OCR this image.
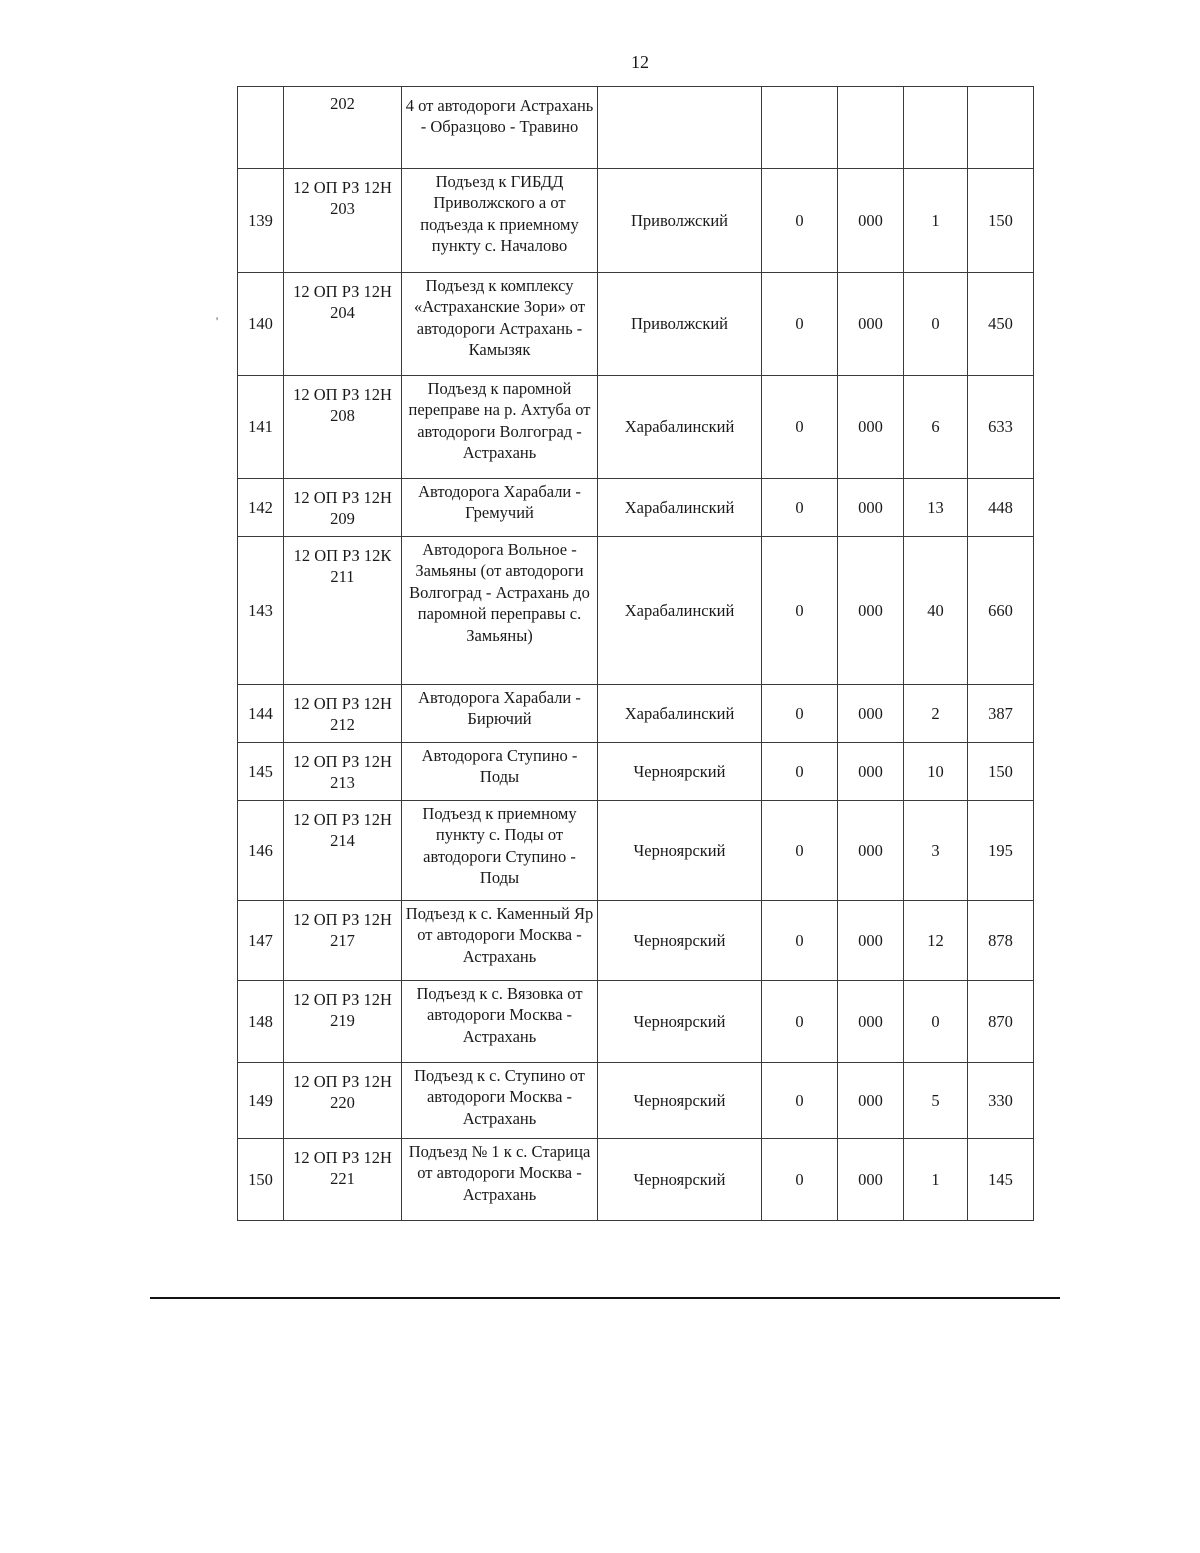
12
'
	202	4 от автодороги Астрахань - Образцово - Травино					
139	12 ОП РЗ 12Н 203	Подъезд к ГИБДД Приволжского а от подъезда к приемному пункту с. Началово	Приволжский	0	000	1	150
140	12 ОП РЗ 12Н 204	Подъезд к комплексу «Астраханские Зори» от автодороги Астрахань - Камызяк	Приволжский	0	000	0	450
141	12 ОП РЗ 12Н 208	Подъезд к паромной переправе на р. Ахтуба от автодороги Волгоград - Астрахань	Харабалинский	0	000	6	633
142	12 ОП РЗ 12Н 209	Автодорога Харабали - Гремучий	Харабалинский	0	000	13	448
143	12 ОП РЗ 12К 211	Автодорога Вольное - Замьяны (от автодороги Волгоград - Астрахань до паромной переправы с. Замьяны)	Харабалинский	0	000	40	660
144	12 ОП РЗ 12Н 212	Автодорога Харабали - Бирючий	Харабалинский	0	000	2	387
145	12 ОП РЗ 12Н 213	Автодорога Ступино - Поды	Черноярский	0	000	10	150
146	12 ОП РЗ 12Н 214	Подъезд к приемному пункту с. Поды от автодороги Ступино - Поды	Черноярский	0	000	3	195
147	12 ОП РЗ 12Н 217	Подъезд к с. Каменный Яр от автодороги Москва - Астрахань	Черноярский	0	000	12	878
148	12 ОП РЗ 12Н 219	Подъезд к с. Вязовка от автодороги Москва - Астрахань	Черноярский	0	000	0	870
149	12 ОП РЗ 12Н 220	Подъезд к с. Ступино от автодороги Москва - Астрахань	Черноярский	0	000	5	330
150	12 ОП РЗ 12Н 221	Подъезд № 1 к с. Старица от автодороги Москва - Астрахань	Черноярский	0	000	1	145
